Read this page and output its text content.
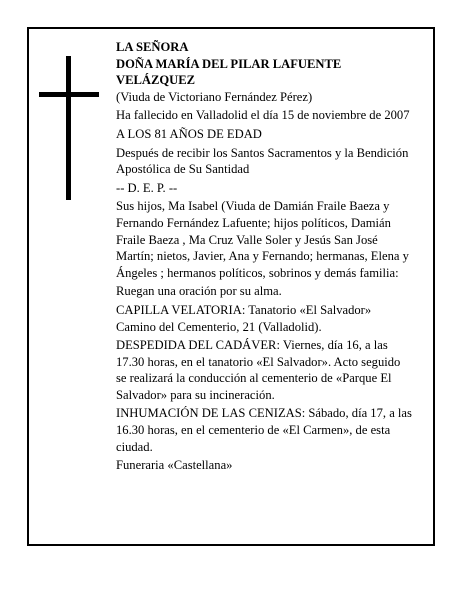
LA SEÑORA

DOÑA MARÍA DEL PILAR LAFUENTE VELÁZQUEZ

(Viuda de Victoriano Fernández Pérez)

Ha fallecido en Valladolid el día 15 de noviembre de 2007

A LOS 81 AÑOS DE EDAD

Después de recibir los Santos Sacramentos y la Bendición Apostólica de Su Santidad

-- D. E. P. --

Sus hijos, Ma Isabel (Viuda de Damián Fraile Baeza y Fernando Fernández Lafuente; hijos políticos, Damián Fraile Baeza , Ma Cruz Valle Soler y Jesús San José Martín; nietos, Javier, Ana y Fernando; hermanas, Elena y Ángeles ; hermanos políticos, sobrinos y demás familia:

Ruegan una oración por su alma.

CAPILLA VELATORIA: Tanatorio «El Salvador» Camino del Cementerio, 21 (Valladolid).

DESPEDIDA DEL CADÁVER: Viernes, día 16, a las 17.30 horas, en el tanatorio «El Salvador». Acto seguido se realizará la conducción al cementerio de «Parque El Salvador» para su incineración.

INHUMACIÓN DE LAS CENIZAS: Sábado, día 17, a las 16.30 horas, en el cementerio de «El Carmen», de esta ciudad.

Funeraria «Castellana»
